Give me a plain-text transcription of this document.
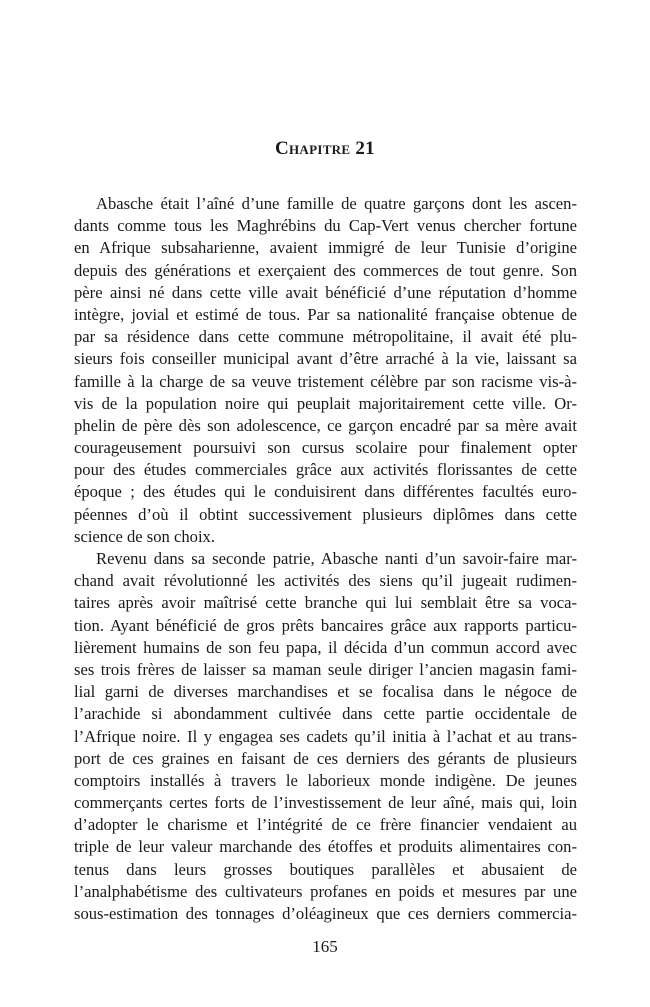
Chapitre 21

Abasche était l’aîné d’une famille de quatre garçons dont les ascen-
dants comme tous les Maghrébins du Cap-Vert venus chercher fortune
en Afrique subsaharienne, avaient immigré de leur Tunisie d’origine
depuis des générations et exerçaient des commerces de tout genre. Son
père ainsi né dans cette ville avait bénéficié d’une réputation d’homme
intègre, jovial et estimé de tous. Par sa nationalité française obtenue de
par sa résidence dans cette commune métropolitaine, il avait été plu-
sieurs fois conseiller municipal avant d’être arraché à la vie, laissant sa
famille à la charge de sa veuve tristement célèbre par son racisme vis-à-
vis de la population noire qui peuplait majoritairement cette ville. Or-
phelin de père dès son adolescence, ce garçon encadré par sa mère avait
courageusement poursuivi son cursus scolaire pour finalement opter
pour des études commerciales grâce aux activités florissantes de cette
époque ; des études qui le conduisirent dans différentes facultés euro-
péennes d’où il obtint successivement plusieurs diplômes dans cette
science de son choix.

Revenu dans sa seconde patrie, Abasche nanti d’un savoir-faire mar-
chand avait révolutionné les activités des siens qu’il jugeait rudimen-
taires après avoir maîtrisé cette branche qui lui semblait être sa voca-
tion. Ayant bénéficié de gros prêts bancaires grâce aux rapports particu-
lièrement humains de son feu papa, il décida d’un commun accord avec
ses trois frères de laisser sa maman seule diriger l’ancien magasin fami-
lial garni de diverses marchandises et se focalisa dans le négoce de
l’arachide si abondamment cultivée dans cette partie occidentale de
l’Afrique noire. Il y engagea ses cadets qu’il initia à l’achat et au trans-
port de ces graines en faisant de ces derniers des gérants de plusieurs
comptoirs installés à travers le laborieux monde indigène. De jeunes
commerçants certes forts de l’investissement de leur aîné, mais qui, loin
d’adopter le charisme et l’intégrité de ce frère financier vendaient au
triple de leur valeur marchande des étoffes et produits alimentaires con-
tenus dans leurs grosses boutiques parallèles et abusaient de
l’analphabétisme des cultivateurs profanes en poids et mesures par une
sous-estimation des tonnages d’oléagineux que ces derniers commercia-

165
